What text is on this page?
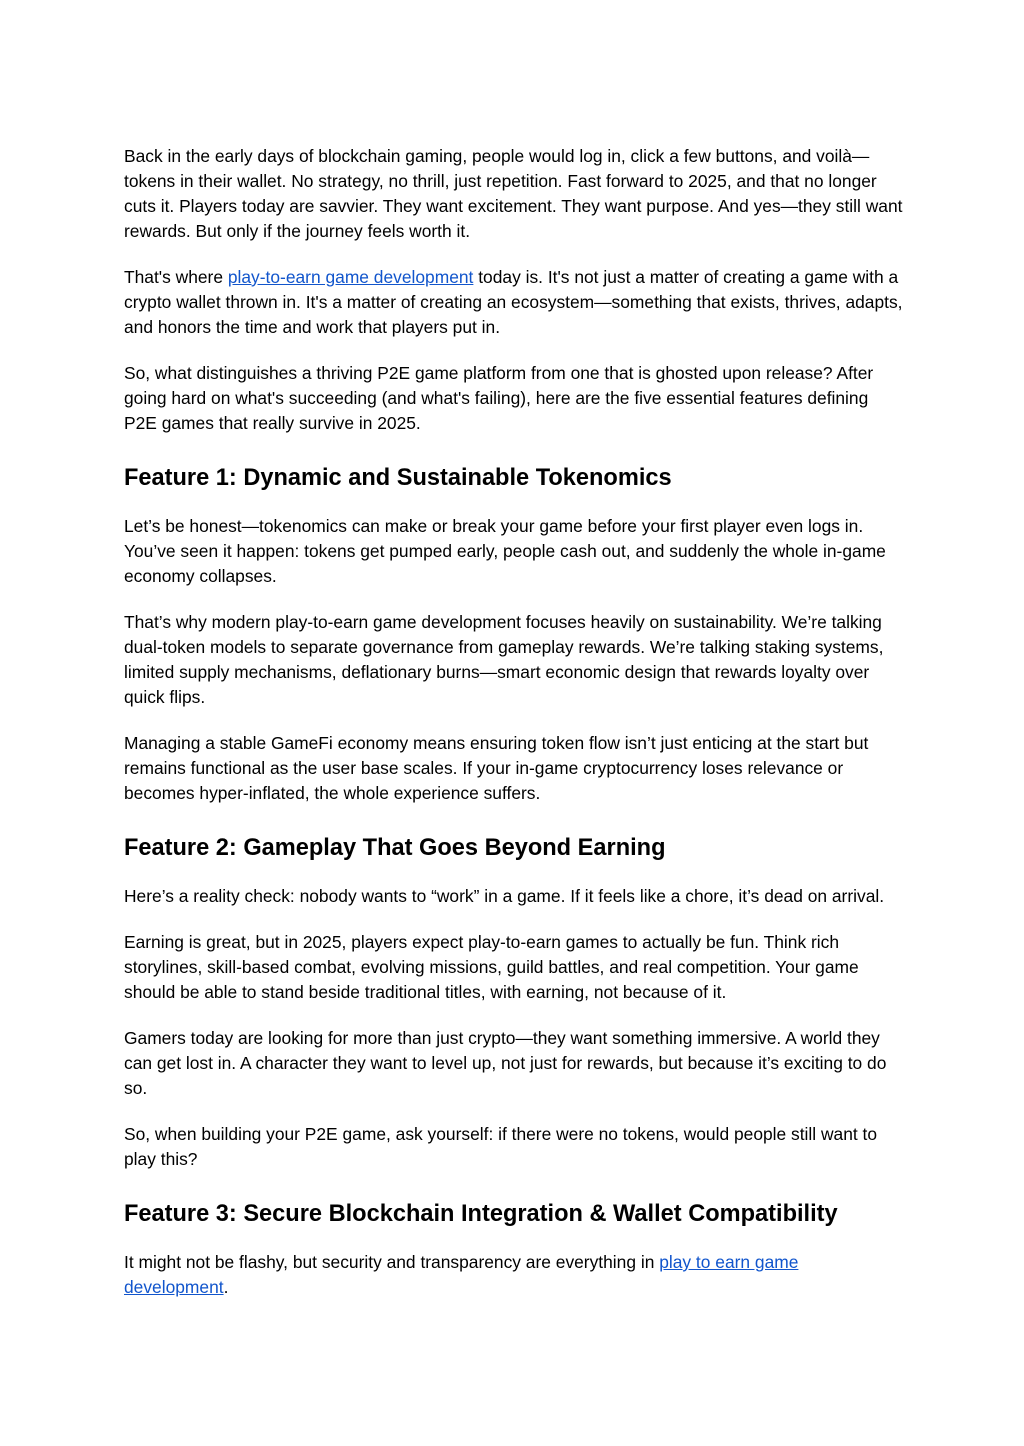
Back in the early days of blockchain gaming, people would log in, click a few buttons, and voilà—tokens in their wallet. No strategy, no thrill, just repetition. Fast forward to 2025, and that no longer cuts it. Players today are savvier. They want excitement. They want purpose. And yes—they still want rewards. But only if the journey feels worth it.

That's where play-to-earn game development today is. It's not just a matter of creating a game with a crypto wallet thrown in. It's a matter of creating an ecosystem—something that exists, thrives, adapts, and honors the time and work that players put in.

So, what distinguishes a thriving P2E game platform from one that is ghosted upon release? After going hard on what's succeeding (and what's failing), here are the five essential features defining P2E games that really survive in 2025.

Feature 1: Dynamic and Sustainable Tokenomics

Let’s be honest—tokenomics can make or break your game before your first player even logs in. You’ve seen it happen: tokens get pumped early, people cash out, and suddenly the whole in-game economy collapses.

That’s why modern play-to-earn game development focuses heavily on sustainability. We’re talking dual-token models to separate governance from gameplay rewards. We’re talking staking systems, limited supply mechanisms, deflationary burns—smart economic design that rewards loyalty over quick flips.

Managing a stable GameFi economy means ensuring token flow isn’t just enticing at the start but remains functional as the user base scales. If your in-game cryptocurrency loses relevance or becomes hyper-inflated, the whole experience suffers.

Feature 2: Gameplay That Goes Beyond Earning

Here’s a reality check: nobody wants to “work” in a game. If it feels like a chore, it’s dead on arrival.

Earning is great, but in 2025, players expect play-to-earn games to actually be fun. Think rich storylines, skill-based combat, evolving missions, guild battles, and real competition. Your game should be able to stand beside traditional titles, with earning, not because of it.

Gamers today are looking for more than just crypto—they want something immersive. A world they can get lost in. A character they want to level up, not just for rewards, but because it’s exciting to do so.

So, when building your P2E game, ask yourself: if there were no tokens, would people still want to play this?

Feature 3: Secure Blockchain Integration & Wallet Compatibility

It might not be flashy, but security and transparency are everything in play to earn game development.
